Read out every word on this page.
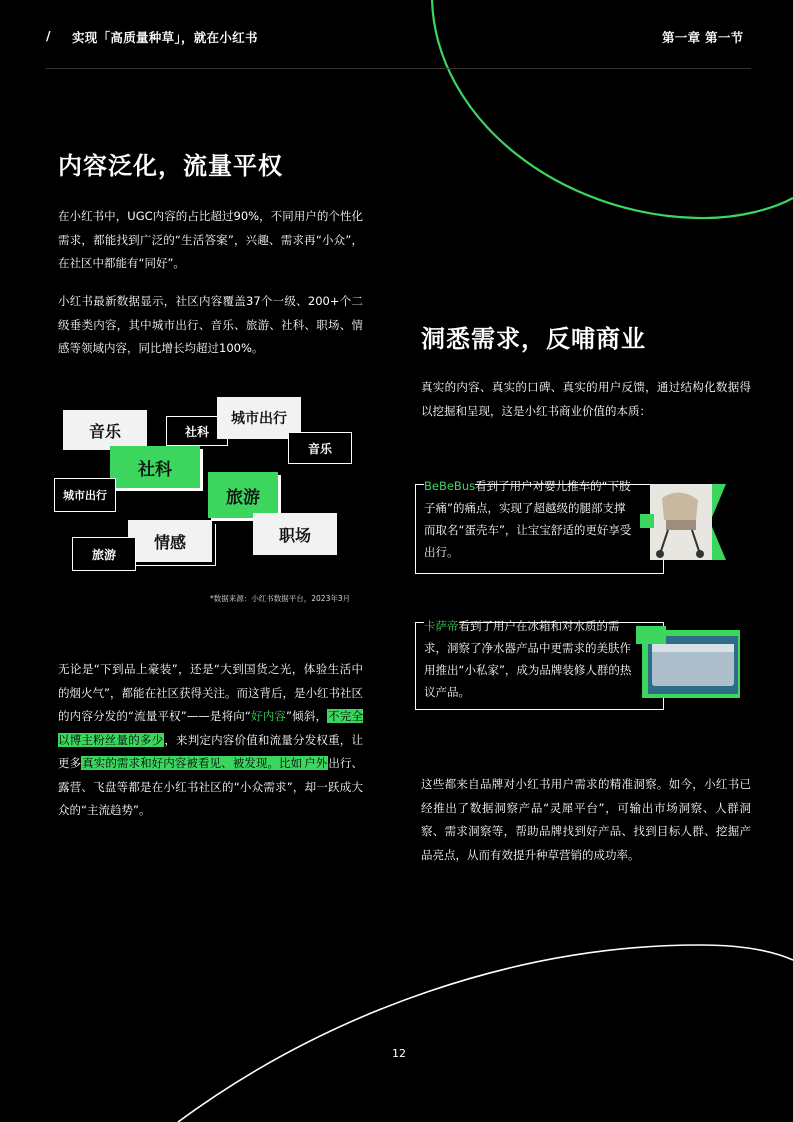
/ 实现「高质量种草」，就在小红书	第一章 第一节
内容泛化，流量平权
在小红书中，UGC内容的占比超过90%，不同用户的个性化需求，都能找到广泛的“生活答案”，兴趣、需求再“小众”，在社区中都能有“同好”。
小红书最新数据显示，社区内容覆盖37个一级、200+个二级垂类内容，其中城市出行、音乐、旅游、社科、职场、情感等领域内容，同比增长均超过100%。
音乐	社科
城市出行
音乐
社科
城市出行	旅游
职场
情感
旅游
*数据来源：小红书数据平台，2023年3月
无论是“下到品上豪装”，还是“大到国货之光，体验生活中的烟火气”，都能在社区获得关注。而这背后，是小红书社区的内容分发的“流量平权”——是将向“好内容”倾斜，不完全以博主粉丝量的多少，来判定内容价值和流量分发权重，让更多真实的需求和好内容被看见、被发现。比如 户外出行、露营、飞盘等都是在小红书社区的“小众需求”，却一跃成大众的“主流趋势”。
洞悉需求，反哺商业
真实的内容、真实的口碑、真实的用户反馈，通过结构化数据得以挖掘和呈现，这是小红书商业价值的本质：
BeBeBus看到了用户对婴儿推车的“下肢子痛”的痛点，实现了超越级的腿部支撑而取名“蛋壳车”，让宝宝舒适的更好享受出行。
卡萨帝看到了用户在冰箱和对水质的需求，洞察了净水器产品中更需求的美肤作用推出“小私家”，成为品牌装修人群的热议产品。
这些都来自品牌对小红书用户需求的精准洞察。如今，小红书已经推出了数据洞察产品“灵犀平台”，可输出市场洞察、人群洞察、需求洞察等，帮助品牌找到好产品、找到目标人群、挖掘产品亮点，从而有效提升种草营销的成功率。
12
